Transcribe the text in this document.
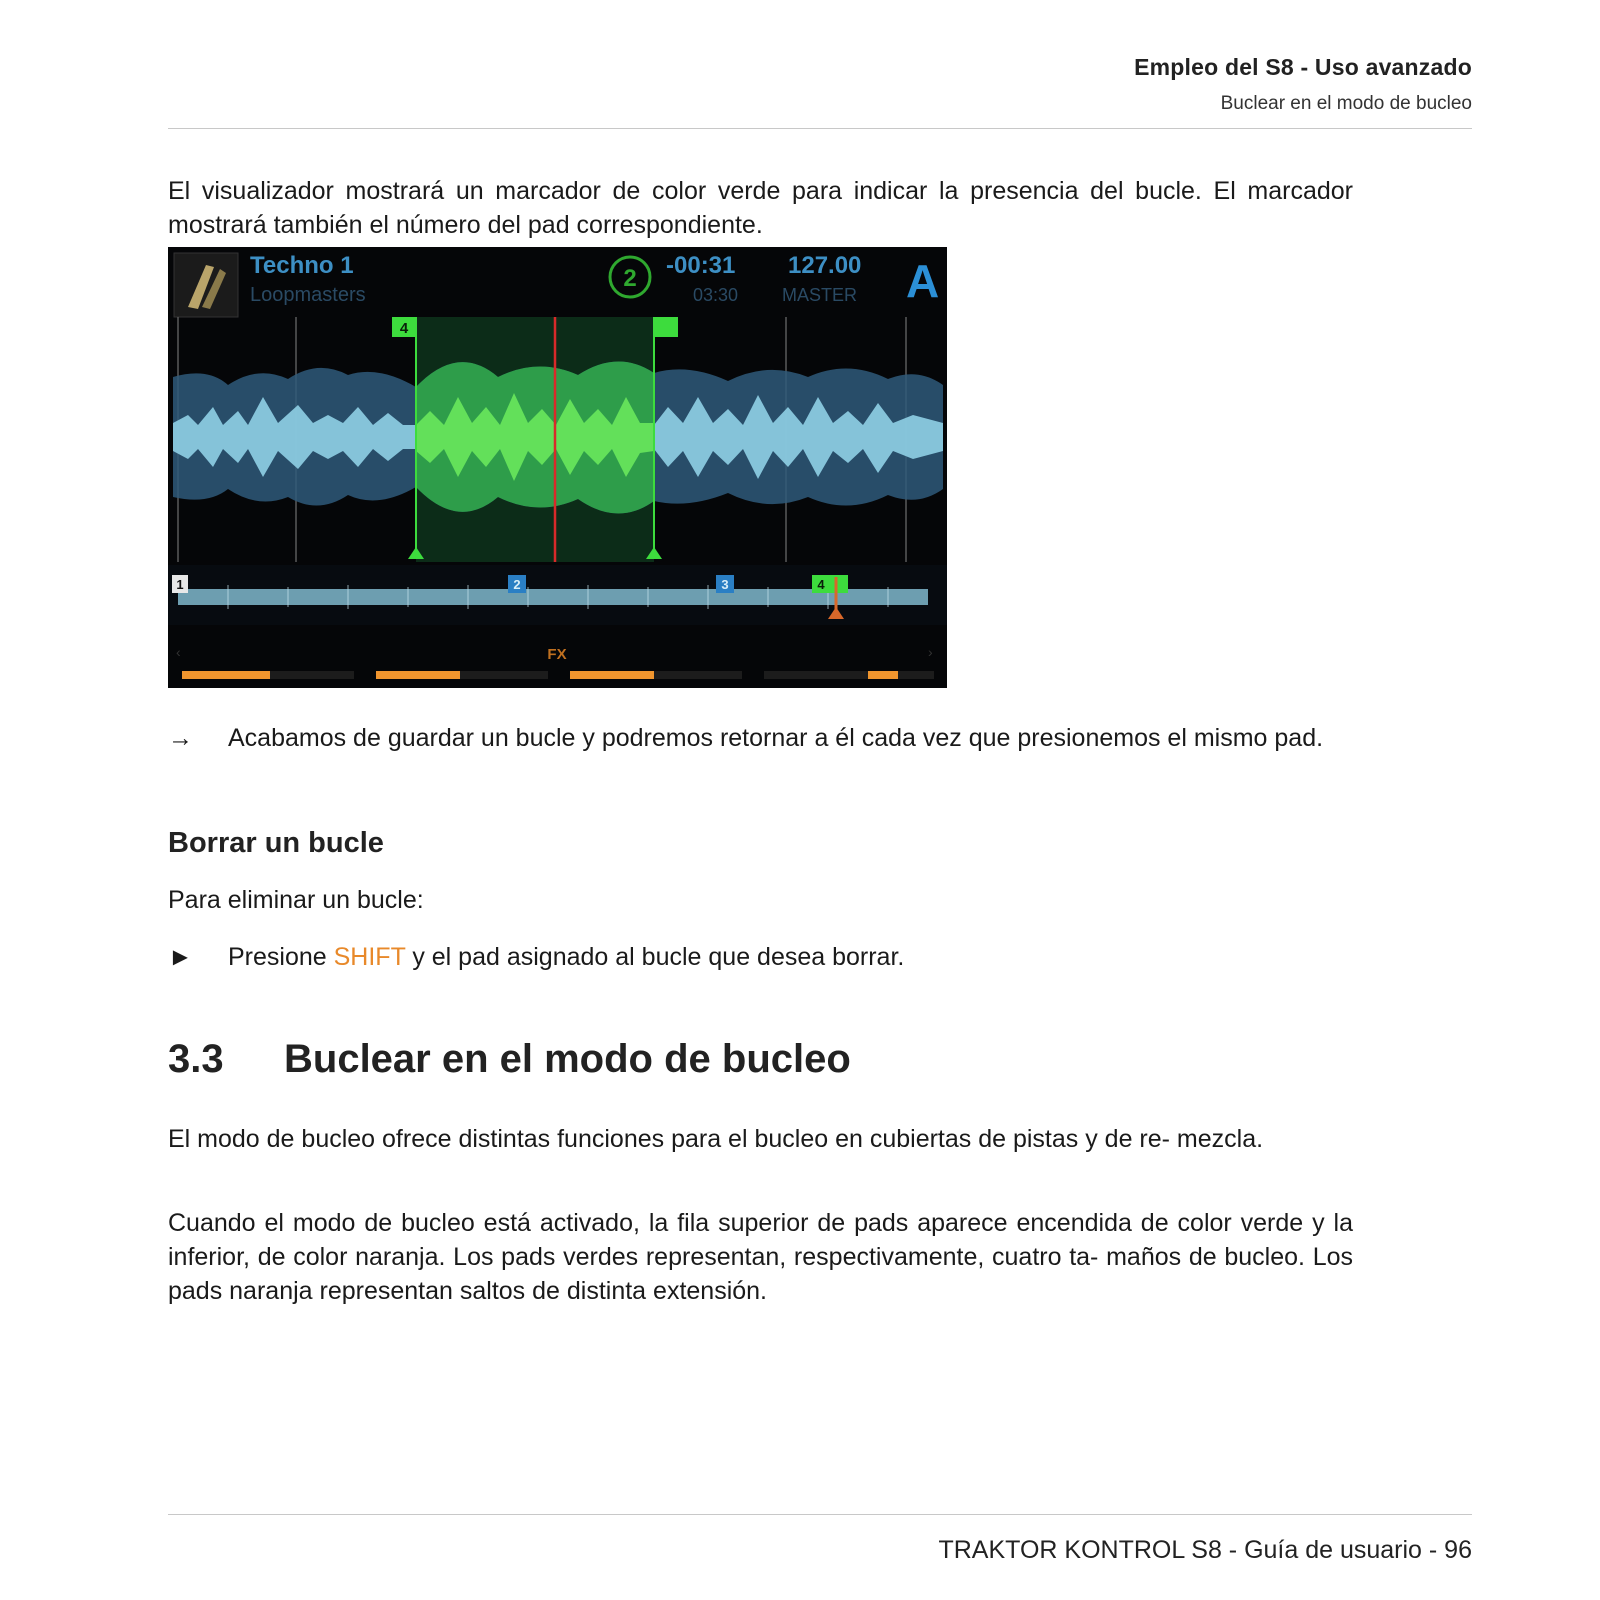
Empleo del S8 - Uso avanzado
Buclear en el modo de bucleo
El visualizador mostrará un marcador de color verde para indicar la presencia del bucle. El marcador mostrará también el número del pad correspondiente.
Techno 1
Loopmasters
2 -00:31 127.00
03:30 MASTER A
4
1	2	3	4
‹	›
FX
→	Acabamos de guardar un bucle y podremos retornar a él cada vez que presionemos el mismo pad.
Borrar un bucle
Para eliminar un bucle:
►	Presione SHIFT y el pad asignado al bucle que desea borrar.
3.3 Buclear en el modo de bucleo
El modo de bucleo ofrece distintas funciones para el bucleo en cubiertas de pistas y de re- mezcla.
Cuando el modo de bucleo está activado, la fila superior de pads aparece encendida de color verde y la inferior, de color naranja. Los pads verdes representan, respectivamente, cuatro ta- maños de bucleo. Los pads naranja representan saltos de distinta extensión.
TRAKTOR KONTROL S8 - Guía de usuario - 96
